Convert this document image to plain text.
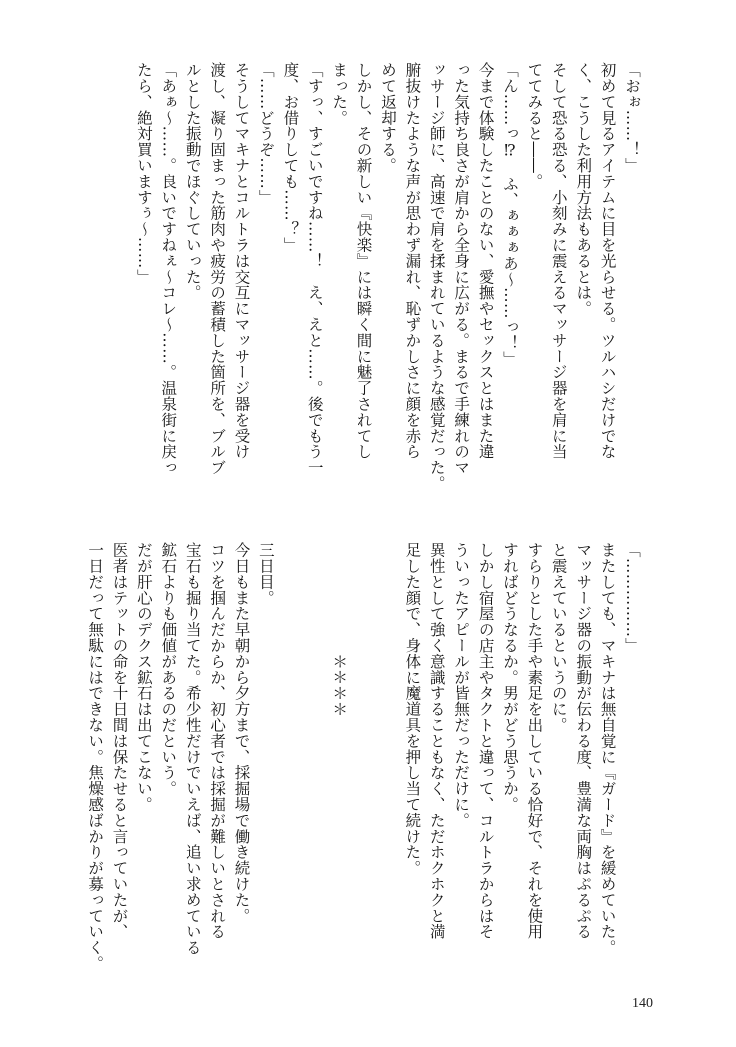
「おぉ……！」
初めて見るアイテムに目を光らせる。ツルハシだけでな
く、こうした利用方法もあるとは。
そして恐る恐る、小刻みに震えるマッサージ器を肩に当
ててみると――。
「ん……っ⁉　ふ、ぁぁぁあ～……っ！」
今まで体験したことのない、愛撫やセックスとはまた違
った気持ち良さが肩から全身に広がる。まるで手練れのマ
ッサージ師に、高速で肩を揉まれているような感覚だった。
腑抜けたような声が思わず漏れ、恥ずかしさに顔を赤ら
めて返却する。
しかし、その新しい『快楽』には瞬く間に魅了されてし
まった。
「すっ、すごいですね……！　え、えと……。後でもう一
度、お借りしても……？」
「……どうぞ……」
そうしてマキナとコルトラは交互にマッサージ器を受け
渡し、凝り固まった筋肉や疲労の蓄積した箇所を、ブルブ
ルとした振動でほぐしていった。
「あぁ～……。良いですねぇ～コレ～……。温泉街に戻っ
たら、絶対買いますぅ～……」
「……………」
またしても、マキナは無自覚に『ガード』を緩めていた。
マッサージ器の振動が伝わる度、豊満な両胸はぷるぷる
と震えているというのに。
すらりとした手や素足を出している恰好で、それを使用
すればどうなるか。男がどう思うか。
しかし宿屋の店主やタクトと違って、コルトラからはそ
ういったアピールが皆無だっただけに。
異性として強く意識することもなく、ただホクホクと満
足した顔で、身体に魔道具を押し当て続けた。

　　　　　　　＊＊＊＊

三日目。
今日もまた早朝から夕方まで、採掘場で働き続けた。
コツを掴んだからか、初心者では採掘が難しいとされる
宝石も掘り当てた。希少性だけでいえば、追い求めている
鉱石よりも価値があるのだという。
だが肝心のデクス鉱石は出てこない。
医者はテットの命を十日間は保たせると言っていたが、
一日だって無駄にはできない。焦燥感ばかりが募っていく。
140
